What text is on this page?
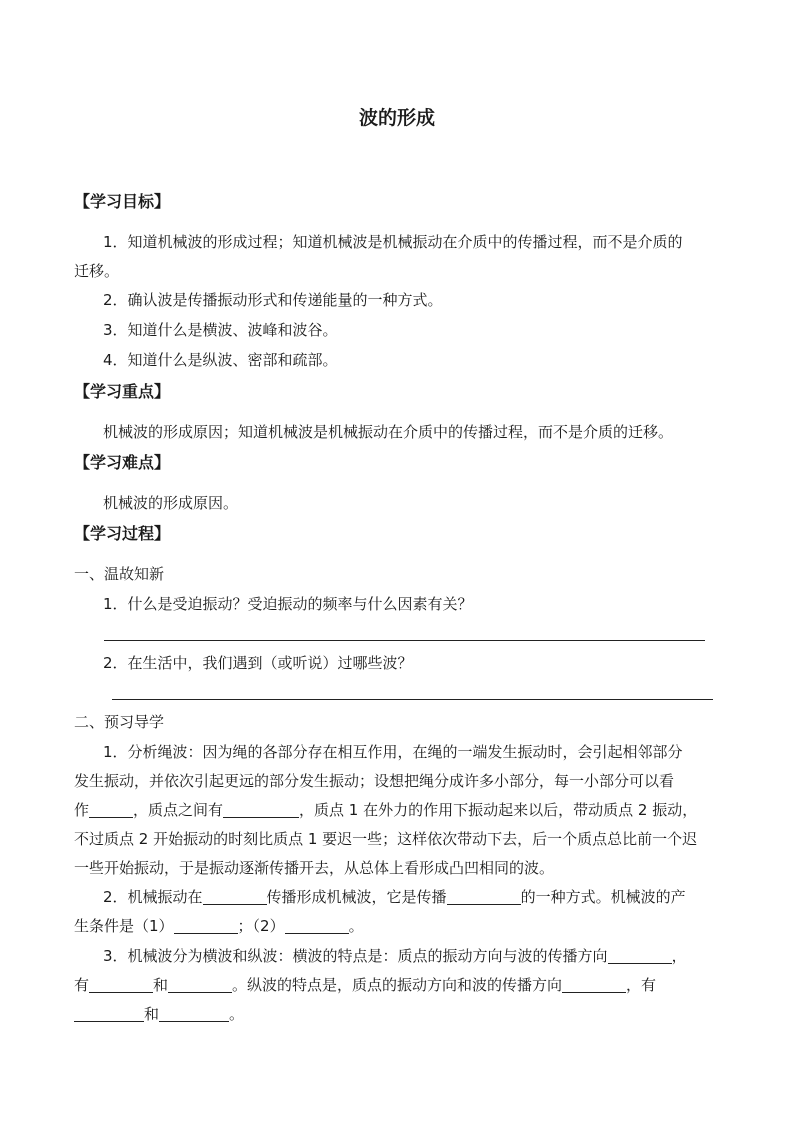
波的形成
【学习目标】
1．知道机械波的形成过程；知道机械波是机械振动在介质中的传播过程，而不是介质的
迁移。
2．确认波是传播振动形式和传递能量的一种方式。
3．知道什么是横波、波峰和波谷。
4．知道什么是纵波、密部和疏部。
【学习重点】
机械波的形成原因；知道机械波是机械振动在介质中的传播过程，而不是介质的迁移。
【学习难点】
机械波的形成原因。
【学习过程】
一、温故知新
1．什么是受迫振动？受迫振动的频率与什么因素有关？
2．在生活中，我们遇到（或听说）过哪些波？
二、预习导学
1．分析绳波：因为绳的各部分存在相互作用，在绳的一端发生振动时，会引起相邻部分
发生振动，并依次引起更远的部分发生振动；设想把绳分成许多小部分，每一小部分可以看
作	，质点之间有	，质点 1 在外力的作用下振动起来以后，带动质点 2 振动，
不过质点 2 开始振动的时刻比质点 1 要迟一些；这样依次带动下去，后一个质点总比前一个迟
一些开始振动，于是振动逐渐传播开去，从总体上看形成凸凹相同的波。
2．机械振动在	传播形成机械波，它是传播	的一种方式。机械波的产
生条件是（1）	；（2）	。
3．机械波分为横波和纵波：横波的特点是：质点的振动方向与波的传播方向	，
有	和	。纵波的特点是，质点的振动方向和波的传播方向	，有
和	。
